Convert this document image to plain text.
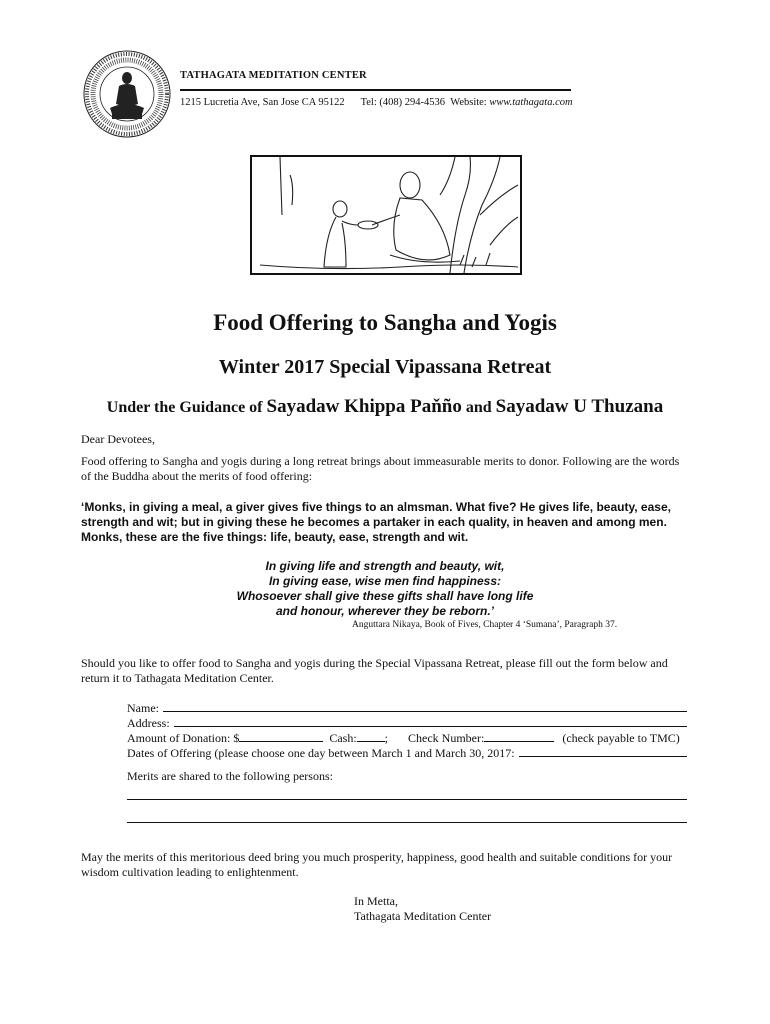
TATHAGATA MEDITATION CENTER
1215 Lucretia Ave, San Jose CA 95122 Tel: (408) 294-4536 Website: www.tathagata.com
Food Offering to Sangha and Yogis
Winter 2017 Special Vipassana Retreat
Under the Guidance of Sayadaw Khippa Paňño and Sayadaw U Thuzana
Dear Devotees,
Food offering to Sangha and yogis during a long retreat brings about immeasurable merits to donor. Following are the words of the Buddha about the merits of food offering:
‘Monks, in giving a meal, a giver gives five things to an almsman. What five? He gives life, beauty, ease, strength and wit; but in giving these he becomes a partaker in each quality, in heaven and among men. Monks, these are the five things: life, beauty, ease, strength and wit.
In giving life and strength and beauty, wit,
In giving ease, wise men find happiness:
Whosoever shall give these gifts shall have long life
and honour, wherever they be reborn.’
Anguttara Nikaya, Book of Fives, Chapter 4 ‘Sumana’, Paragraph 37.
Should you like to offer food to Sangha and yogis during the Special Vipassana Retreat, please fill out the form below and return it to Tathagata Meditation Center.
Name:
Address:
Amount of Donation: $	Cash: ; Check Number:	(check payable to TMC)
Dates of Offering (please choose one day between March 1 and March 30, 2017:
Merits are shared to the following persons:
May the merits of this meritorious deed bring you much prosperity, happiness, good health and suitable conditions for your wisdom cultivation leading to enlightenment.
In Metta,
Tathagata Meditation Center
